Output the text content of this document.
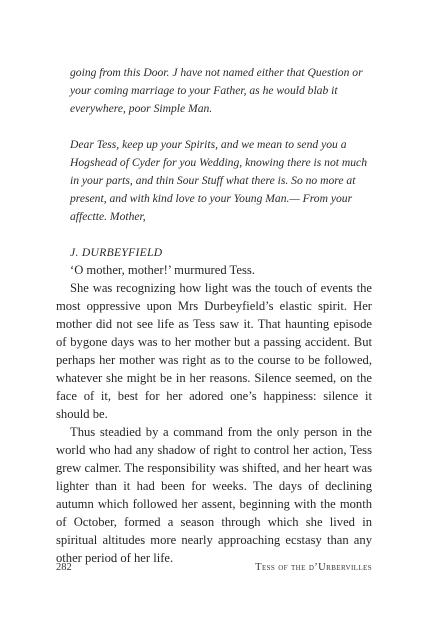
going from this Door. J have not named either that Question or your coming marriage to your Father, as he would blab it everywhere, poor Simple Man.

Dear Tess, keep up your Spirits, and we mean to send you a Hogshead of Cyder for you Wedding, knowing there is not much in your parts, and thin Sour Stuff what there is. So no more at present, and with kind love to your Young Man.— From your affectte. Mother,

J. DURBEYFIELD

‘O mother, mother!’ murmured Tess.

She was recognizing how light was the touch of events the most oppressive upon Mrs Durbeyfield’s elastic spirit. Her mother did not see life as Tess saw it. That haunting episode of bygone days was to her mother but a passing accident. But perhaps her mother was right as to the course to be followed, whatever she might be in her reasons. Silence seemed, on the face of it, best for her adored one’s happiness: silence it should be.

Thus steadied by a command from the only person in the world who had any shadow of right to control her action, Tess grew calmer. The responsibility was shifted, and her heart was lighter than it had been for weeks. The days of declining autumn which followed her assent, beginning with the month of October, formed a season through which she lived in spiritual altitudes more nearly approaching ecstasy than any other period of her life.

282	Tess of the d’Urbervilles
